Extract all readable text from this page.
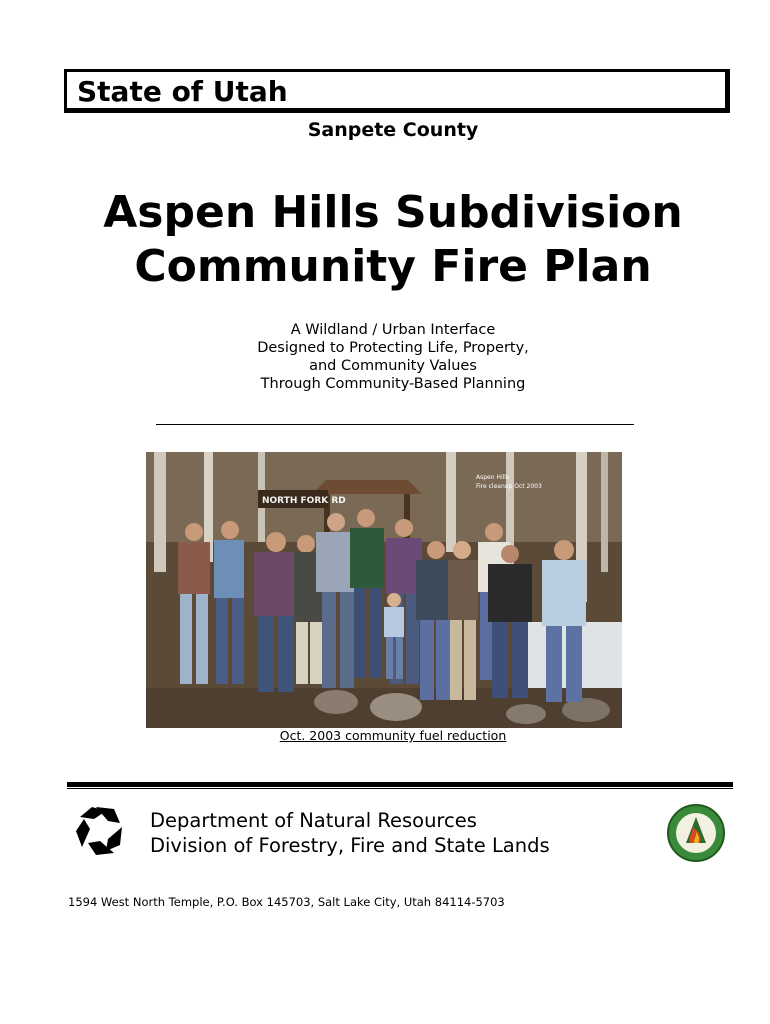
State of Utah
Sanpete County
Aspen Hills Subdivision
Community Fire Plan
A Wildland / Urban Interface
Designed to Protecting Life, Property,
and Community Values
Through Community-Based Planning
NORTH FORK RD
Aspen Hills
Fire cleanup Oct 2003
Oct. 2003 community fuel reduction
Department of Natural Resources
Division of Forestry, Fire and State Lands
1594 West North Temple, P.O. Box 145703, Salt Lake City, Utah 84114-5703
